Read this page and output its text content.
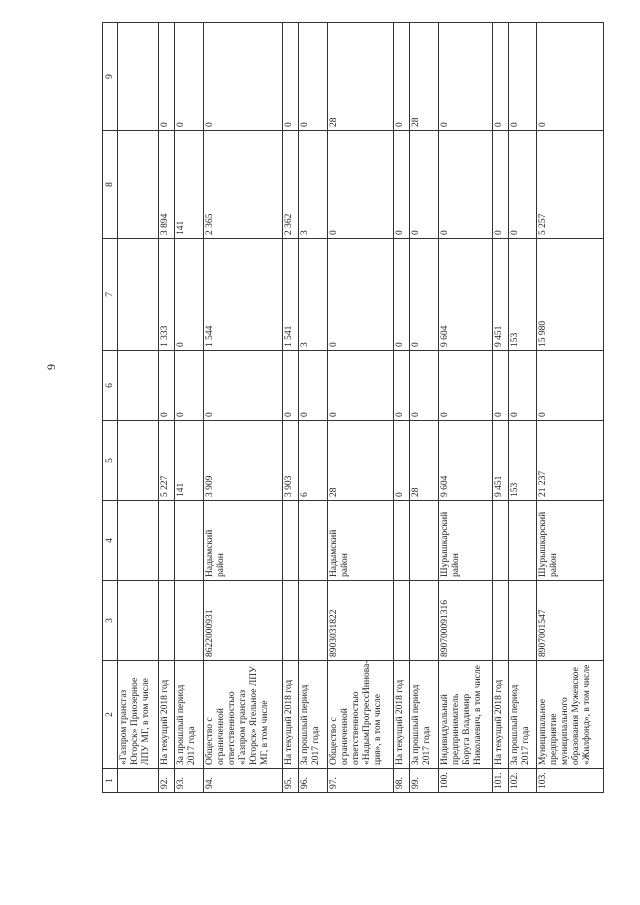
9
1	2	3	4	5	6	7	8	9
	«Газпром трансгаз Югорск» Приозерное ЛПУ МГ, в том числе							
92.	На текущий 2018 год			5 227	0	1 333	3 894	0
93.	За прошлый период 2017 года			141	0	0	141	0
94.	Общество с ограниченной ответственностью «Газпром трансгаз Югорск» Ягельное ЛПУ МГ, в том числе	8622000931	Надымский район	3 909	0	1 544	2 365	0
95.	На текущий 2018 год			3 903	0	1 541	2 362	0
96.	За прошлый период 2017 года			6	0	3	3	0
97.	Общество с ограниченной ответственностью «НадымПрогрессИннова-ция», в том числе	8903031822	Надымский район	28	0	0	0	28
98.	На текущий 2018 год			0	0	0	0	0
99.	За прошлый период 2017 года			28	0	0	0	28
100.	Индивидуальный предприниматель Боруга Владимир Николаевич, в том числе	890700091316	Шурышкарский район	9 604	0	9 604	0	0
101.	На текущий 2018 год			9 451	0	9 451	0	0
102.	За прошлый период 2017 года			153	0	153	0	0
103.	Муниципальное предприятие муниципального образования Мужевское «Жилфонд», в том числе	8907001547	Шурышкарский район	21 237	0	15 980	5 257	0
